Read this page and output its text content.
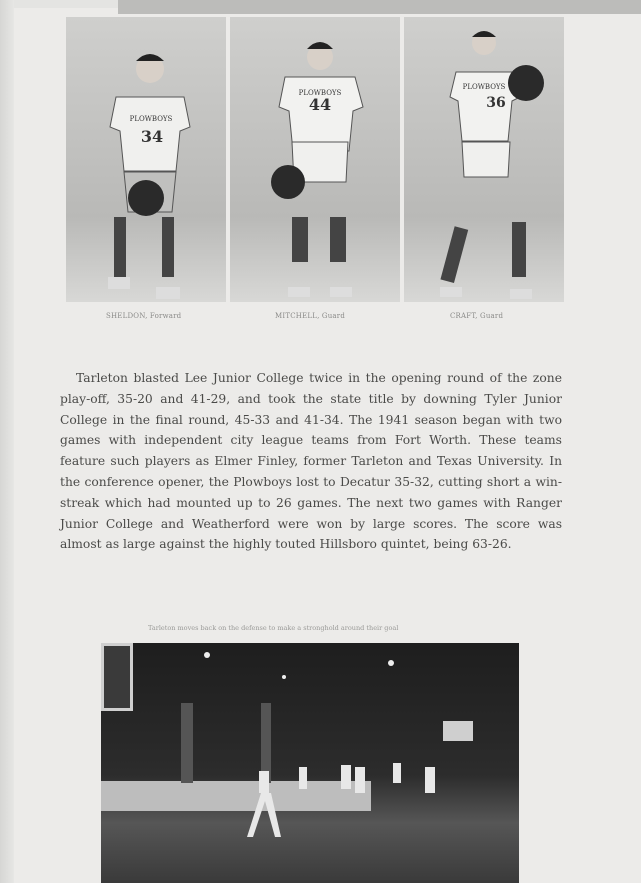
34
PLOWBOYS
44
PLOWBOYS
36
PLOWBOYS
SHELDON, Forward	MITCHELL, Guard	CRAFT, Guard
Tarleton blasted Lee Junior College twice in the opening round of the zone play-off, 35-20 and 41-29, and took the state title by downing Tyler Junior College in the final round, 45-33 and 41-34. The 1941 season began with two games with independent city league teams from Fort Worth. These teams feature such players as Elmer Finley, former Tarleton and Texas University. In the conference opener, the Plowboys lost to Decatur 35-32, cutting short a win-streak which had mounted up to 26 games. The next two games with Ranger Junior College and Weatherford were won by large scores. The score was almost as large against the highly touted Hillsboro quintet, being 63-26.
Tarleton moves back on the defense to make a stronghold around their goal
